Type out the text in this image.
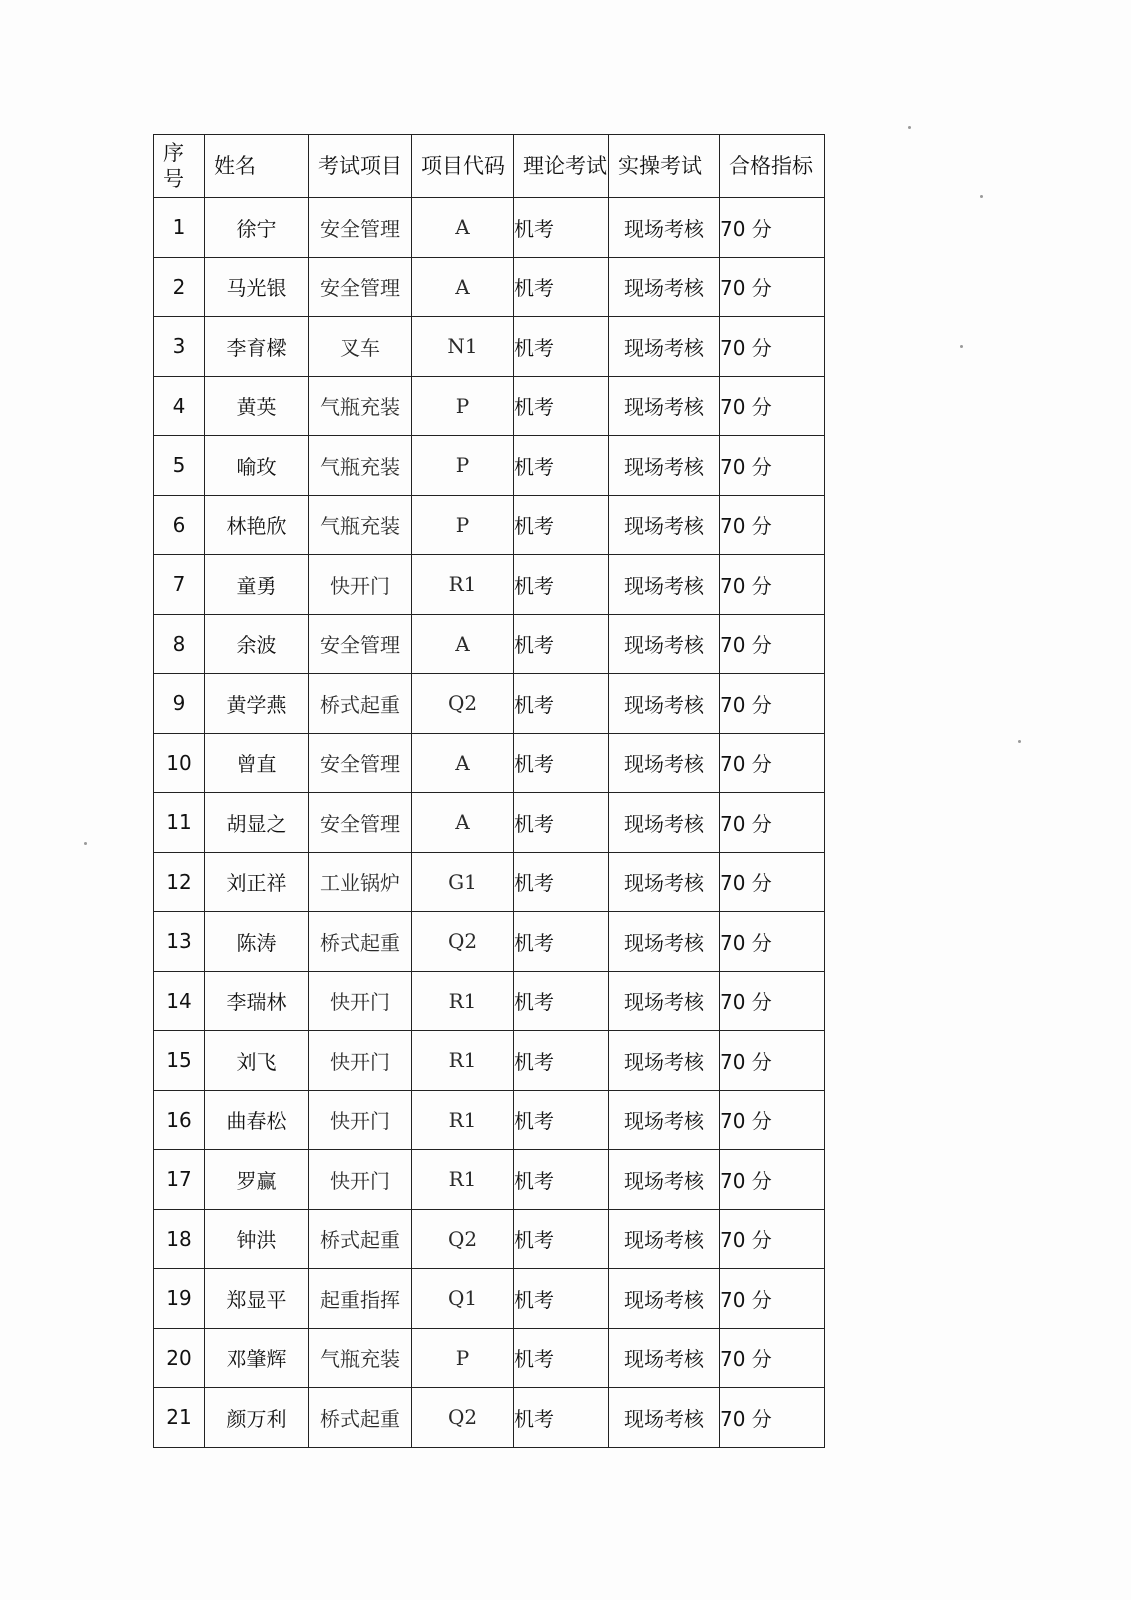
序号	姓名	考试项目	项目代码	理论考试	实操考试	合格指标
1	徐宁	安全管理	A	机考	现场考核	70 分
2	马光银	安全管理	A	机考	现场考核	70 分
3	李育樑	叉车	N1	机考	现场考核	70 分
4	黄英	气瓶充装	P	机考	现场考核	70 分
5	喻玫	气瓶充装	P	机考	现场考核	70 分
6	林艳欣	气瓶充装	P	机考	现场考核	70 分
7	童勇	快开门	R1	机考	现场考核	70 分
8	余波	安全管理	A	机考	现场考核	70 分
9	黄学燕	桥式起重	Q2	机考	现场考核	70 分
10	曾直	安全管理	A	机考	现场考核	70 分
11	胡显之	安全管理	A	机考	现场考核	70 分
12	刘正祥	工业锅炉	G1	机考	现场考核	70 分
13	陈涛	桥式起重	Q2	机考	现场考核	70 分
14	李瑞林	快开门	R1	机考	现场考核	70 分
15	刘飞	快开门	R1	机考	现场考核	70 分
16	曲春松	快开门	R1	机考	现场考核	70 分
17	罗赢	快开门	R1	机考	现场考核	70 分
18	钟洪	桥式起重	Q2	机考	现场考核	70 分
19	郑显平	起重指挥	Q1	机考	现场考核	70 分
20	邓肇辉	气瓶充装	P	机考	现场考核	70 分
21	颜万利	桥式起重	Q2	机考	现场考核	70 分
